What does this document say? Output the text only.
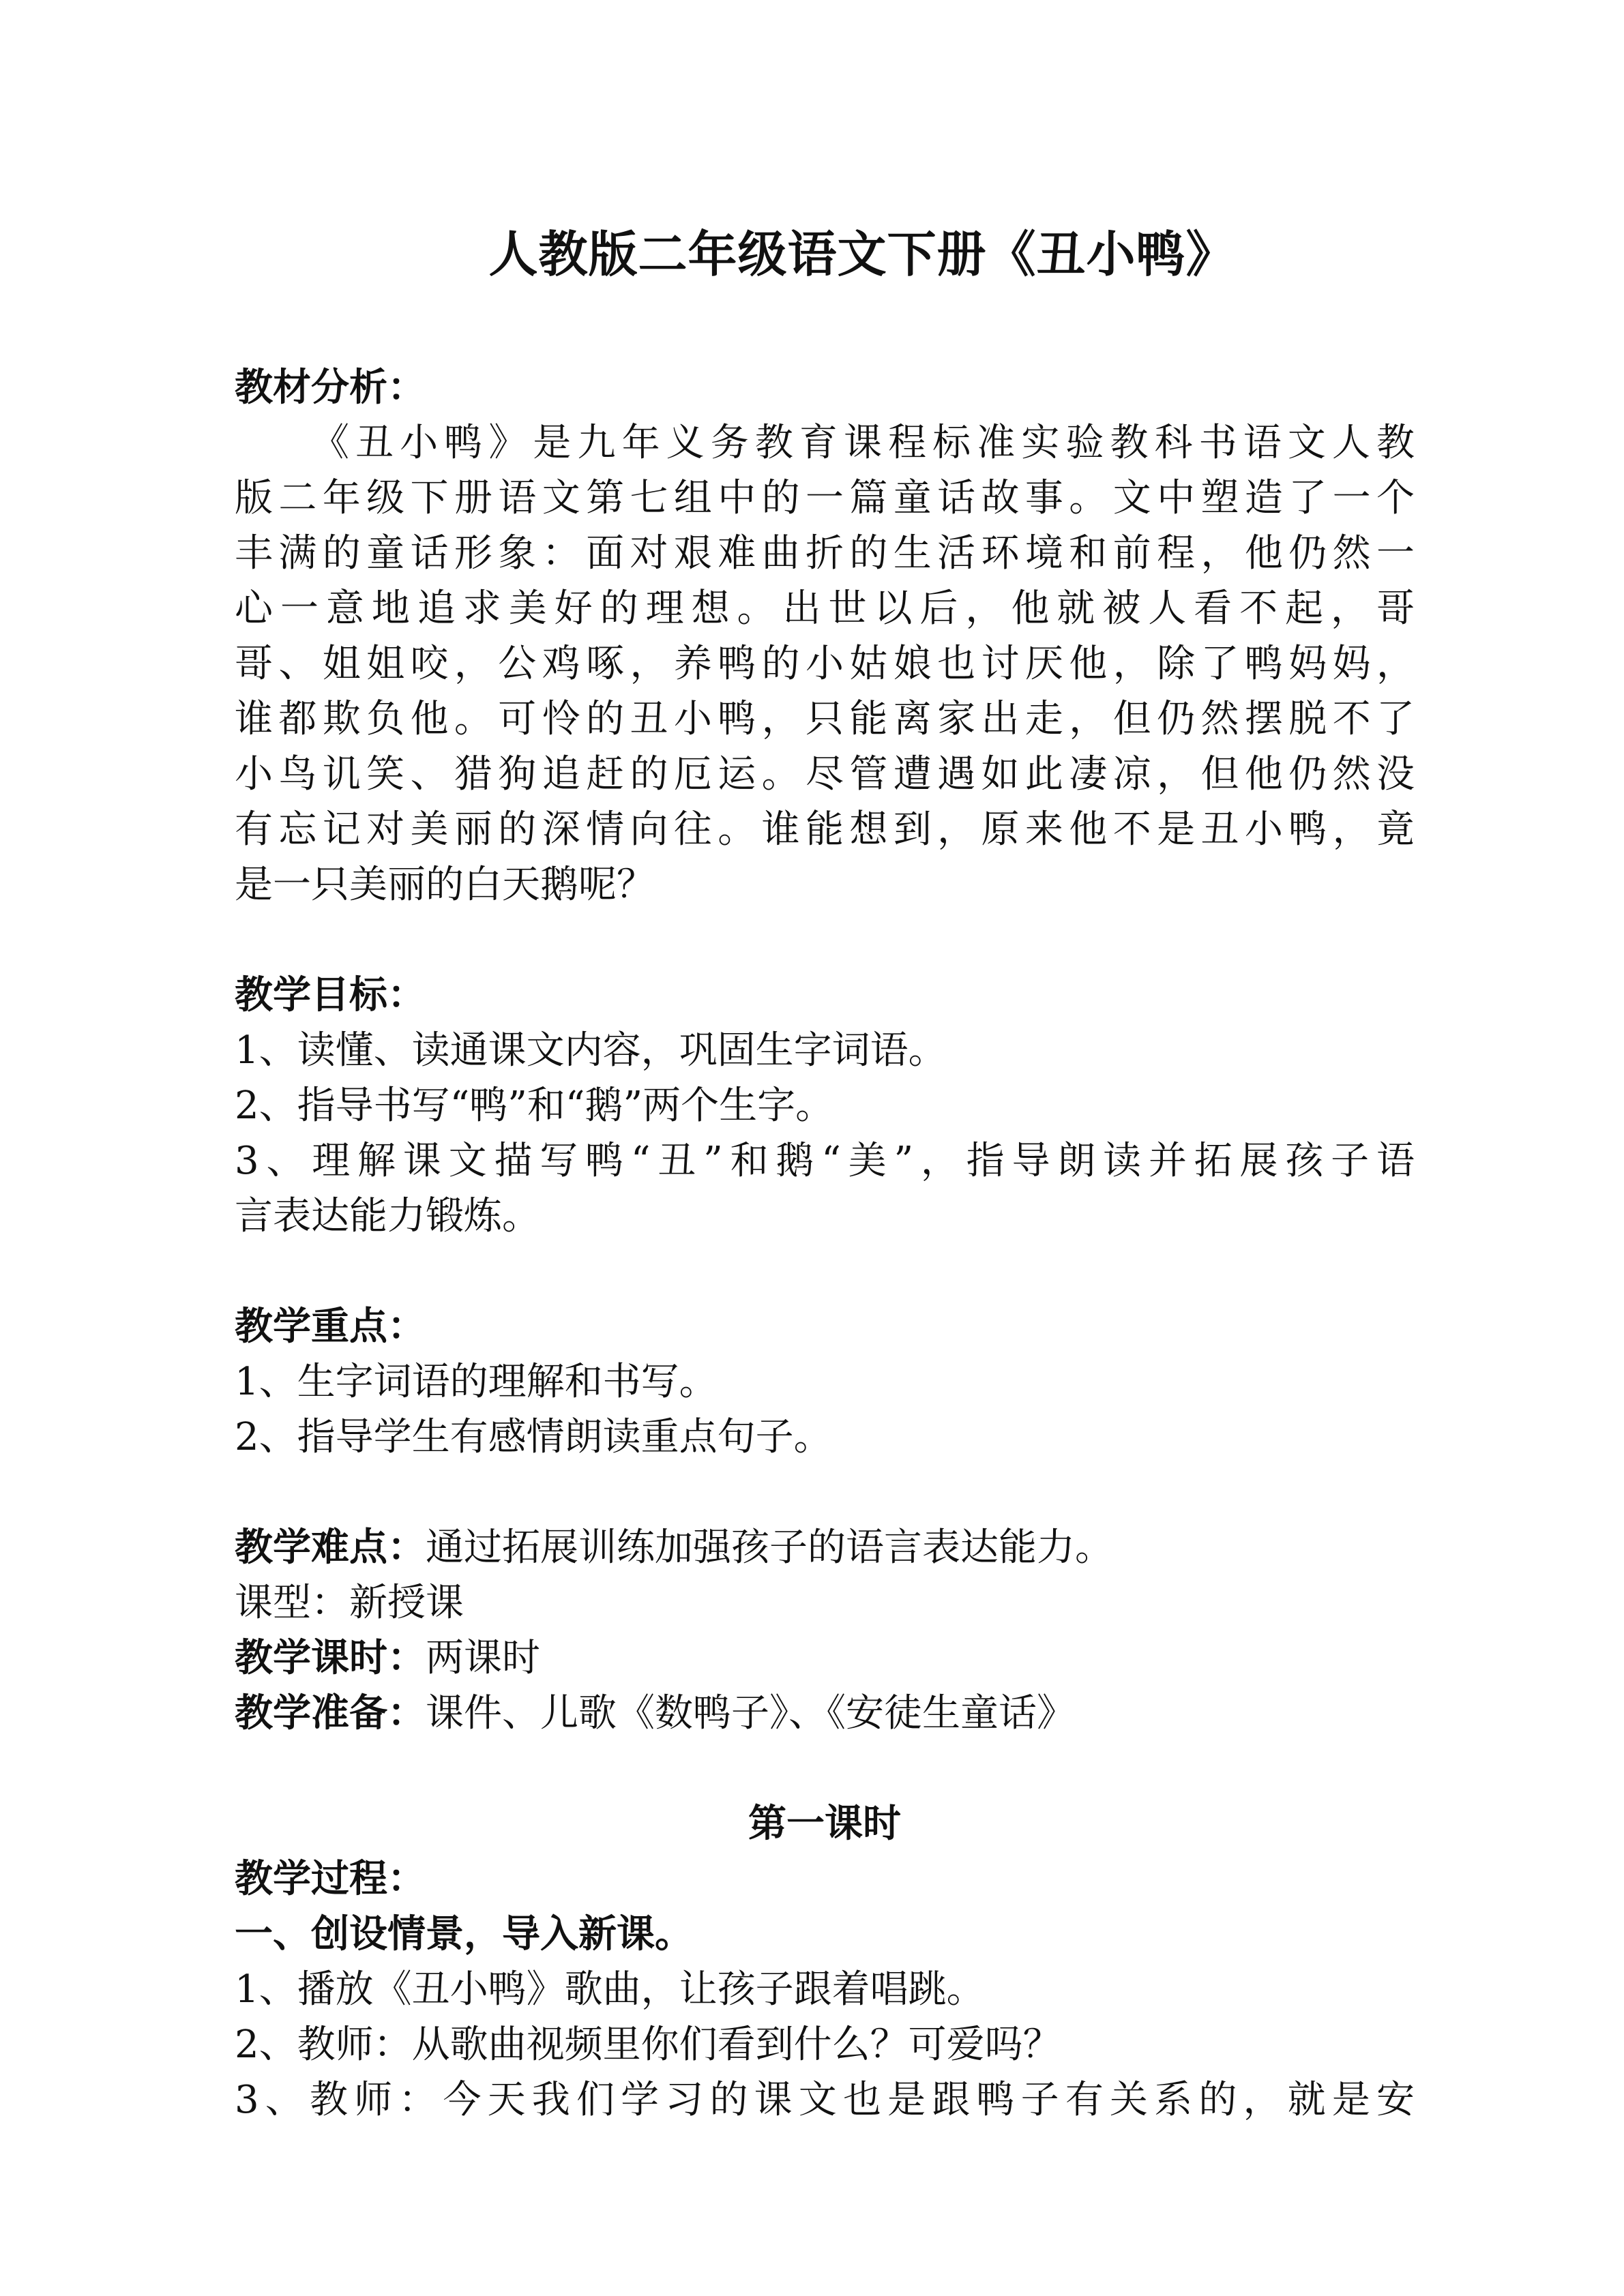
人教版二年级语文下册《丑小鸭》
教材分析：
《丑小鸭》是九年义务教育课程标准实验教科书语文人教
版二年级下册语文第七组中的一篇童话故事。文中塑造了一个
丰满的童话形象：面对艰难曲折的生活环境和前程，他仍然一
心一意地追求美好的理想。出世以后，他就被人看不起，哥
哥、姐姐咬，公鸡啄，养鸭的小姑娘也讨厌他，除了鸭妈妈，
谁都欺负他。可怜的丑小鸭，只能离家出走，但仍然摆脱不了
小鸟讥笑、猎狗追赶的厄运。尽管遭遇如此凄凉，但他仍然没
有忘记对美丽的深情向往。谁能想到，原来他不是丑小鸭，竟
是一只美丽的白天鹅呢？
教学目标：
1、读懂、读通课文内容，巩固生字词语。
2、指导书写“鸭”和“鹅”两个生字。
3、理解课文描写鸭“丑”和鹅“美”，指导朗读并拓展孩子语
言表达能力锻炼。
教学重点：
1、生字词语的理解和书写。
2、指导学生有感情朗读重点句子。
教学难点：通过拓展训练加强孩子的语言表达能力。
课型：新授课
教学课时：两课时
教学准备：课件、儿歌《数鸭子》、《安徒生童话》
第一课时
教学过程：
一、创设情景，导入新课。
1、播放《丑小鸭》歌曲，让孩子跟着唱跳。
2、教师：从歌曲视频里你们看到什么？可爱吗？
3、教师：今天我们学习的课文也是跟鸭子有关系的，就是安
